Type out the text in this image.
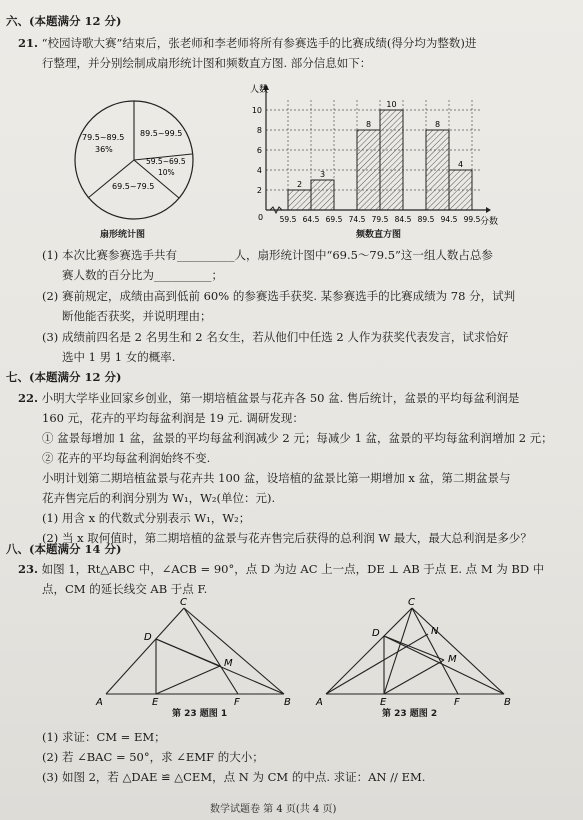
六、(本题满分 12 分)
21. “校园诗歌大赛”结束后，张老师和李老师将所有参赛选手的比赛成绩(得分均为整数)进
行整理，并分别绘制成扇形统计图和频数直方图. 部分信息如下：
79.5~89.5
36%
89.5~99.5
59.5~69.5
10%
69.5~79.5
扇形统计图
2
4
6
8
10
59.5 64.5 69.5 74.5 79.5 84.5 89.5 94.5 99.5
2
3
8
10
8
4
0
人数
分数
频数直方图
(1) 本次比赛参赛选手共有__________人，扇形统计图中“69.5～79.5”这一组人数占总参
赛人数的百分比为__________；
(2) 赛前规定，成绩由高到低前 60% 的参赛选手获奖. 某参赛选手的比赛成绩为 78 分，试判
断他能否获奖，并说明理由；
(3) 成绩前四名是 2 名男生和 2 名女生，若从他们中任选 2 人作为获奖代表发言，试求恰好
选中 1 男 1 女的概率.
七、(本题满分 12 分)
22. 小明大学毕业回家乡创业，第一期培植盆景与花卉各 50 盆. 售后统计，盆景的平均每盆利润是
160 元，花卉的平均每盆利润是 19 元. 调研发现：
① 盆景每增加 1 盆，盆景的平均每盆利润减少 2 元；每减少 1 盆，盆景的平均每盆利润增加 2 元；
② 花卉的平均每盆利润始终不变.
小明计划第二期培植盆景与花卉共 100 盆，设培植的盆景比第一期增加 x 盆，第二期盆景与
花卉售完后的利润分别为 W₁，W₂(单位：元).
(1) 用含 x 的代数式分别表示 W₁，W₂；
(2) 当 x 取何值时，第二期培植的盆景与花卉售完后获得的总利润 W 最大，最大总利润是多少？
八、(本题满分 14 分)
23. 如图 1，Rt△ABC 中，∠ACB = 90°，点 D 为边 AC 上一点，DE ⊥ AB 于点 E. 点 M 为 BD 中
点，CM 的延长线交 AB 于点 F.
A	B
C
D
E	F
M
第 23 题图 1
A	B
C
D
E	F
M
N
第 23 题图 2
(1) 求证：CM = EM；
(2) 若 ∠BAC = 50°，求 ∠EMF 的大小；
(3) 如图 2，若 △DAE ≌ △CEM，点 N 为 CM 的中点. 求证：AN // EM.
数学试题卷 第 4 页(共 4 页)
